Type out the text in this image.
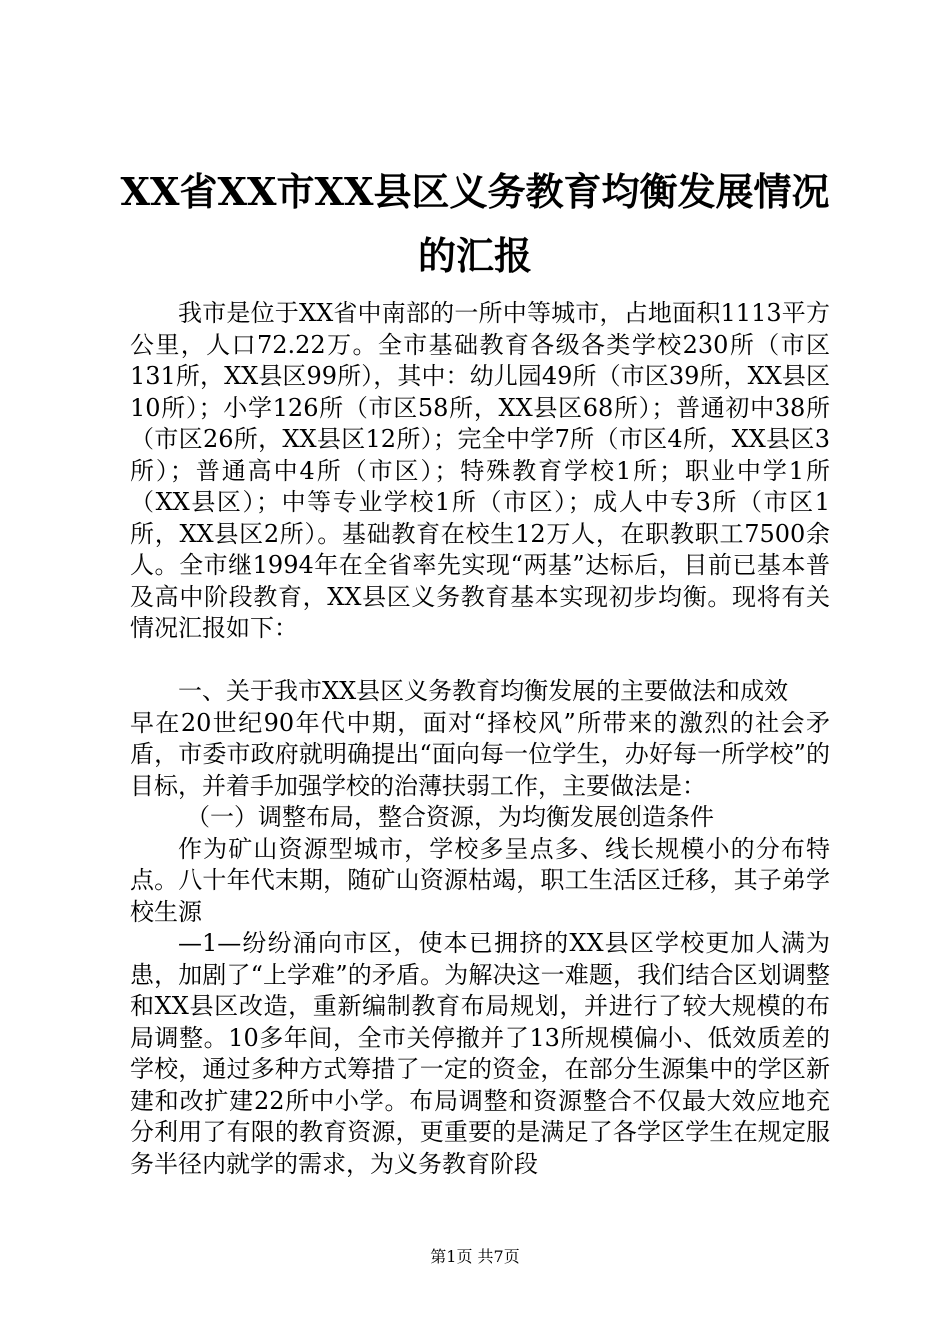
XX省XX市XX县区义务教育均衡发展情况的汇报

我市是位于XX省中南部的一所中等城市，占地面积1113平方公里，人口72.22万。全市基础教育各级各类学校230所（市区131所，XX县区99所），其中：幼儿园49所（市区39所，XX县区10所）；小学126所（市区58所，XX县区68所）；普通初中38所（市区26所，XX县区12所）；完全中学7所（市区4所，XX县区3所）；普通高中4所（市区）；特殊教育学校1所；职业中学1所（XX县区）；中等专业学校1所（市区）；成人中专3所（市区1所，XX县区2所）。基础教育在校生12万人，在职教职工7500余人。全市继1994年在全省率先实现“两基”达标后，目前已基本普及高中阶段教育，XX县区义务教育基本实现初步均衡。现将有关情况汇报如下：

一、关于我市XX县区义务教育均衡发展的主要做法和成效

早在20世纪90年代中期，面对“择校风”所带来的激烈的社会矛盾，市委市政府就明确提出“面向每一位学生，办好每一所学校”的目标，并着手加强学校的治薄扶弱工作，主要做法是：

（一）调整布局，整合资源，为均衡发展创造条件

作为矿山资源型城市，学校多呈点多、线长规模小的分布特点。八十年代末期，随矿山资源枯竭，职工生活区迁移，其子弟学校生源

—1—纷纷涌向市区，使本已拥挤的XX县区学校更加人满为患，加剧了“上学难”的矛盾。为解决这一难题，我们结合区划调整和XX县区改造，重新编制教育布局规划，并进行了较大规模的布局调整。10多年间，全市关停撤并了13所规模偏小、低效质差的学校，通过多种方式筹措了一定的资金，在部分生源集中的学区新建和改扩建22所中小学。布局调整和资源整合不仅最大效应地充分利用了有限的教育资源，更重要的是满足了各学区学生在规定服务半径内就学的需求，为义务教育阶段

第1页 共7页
